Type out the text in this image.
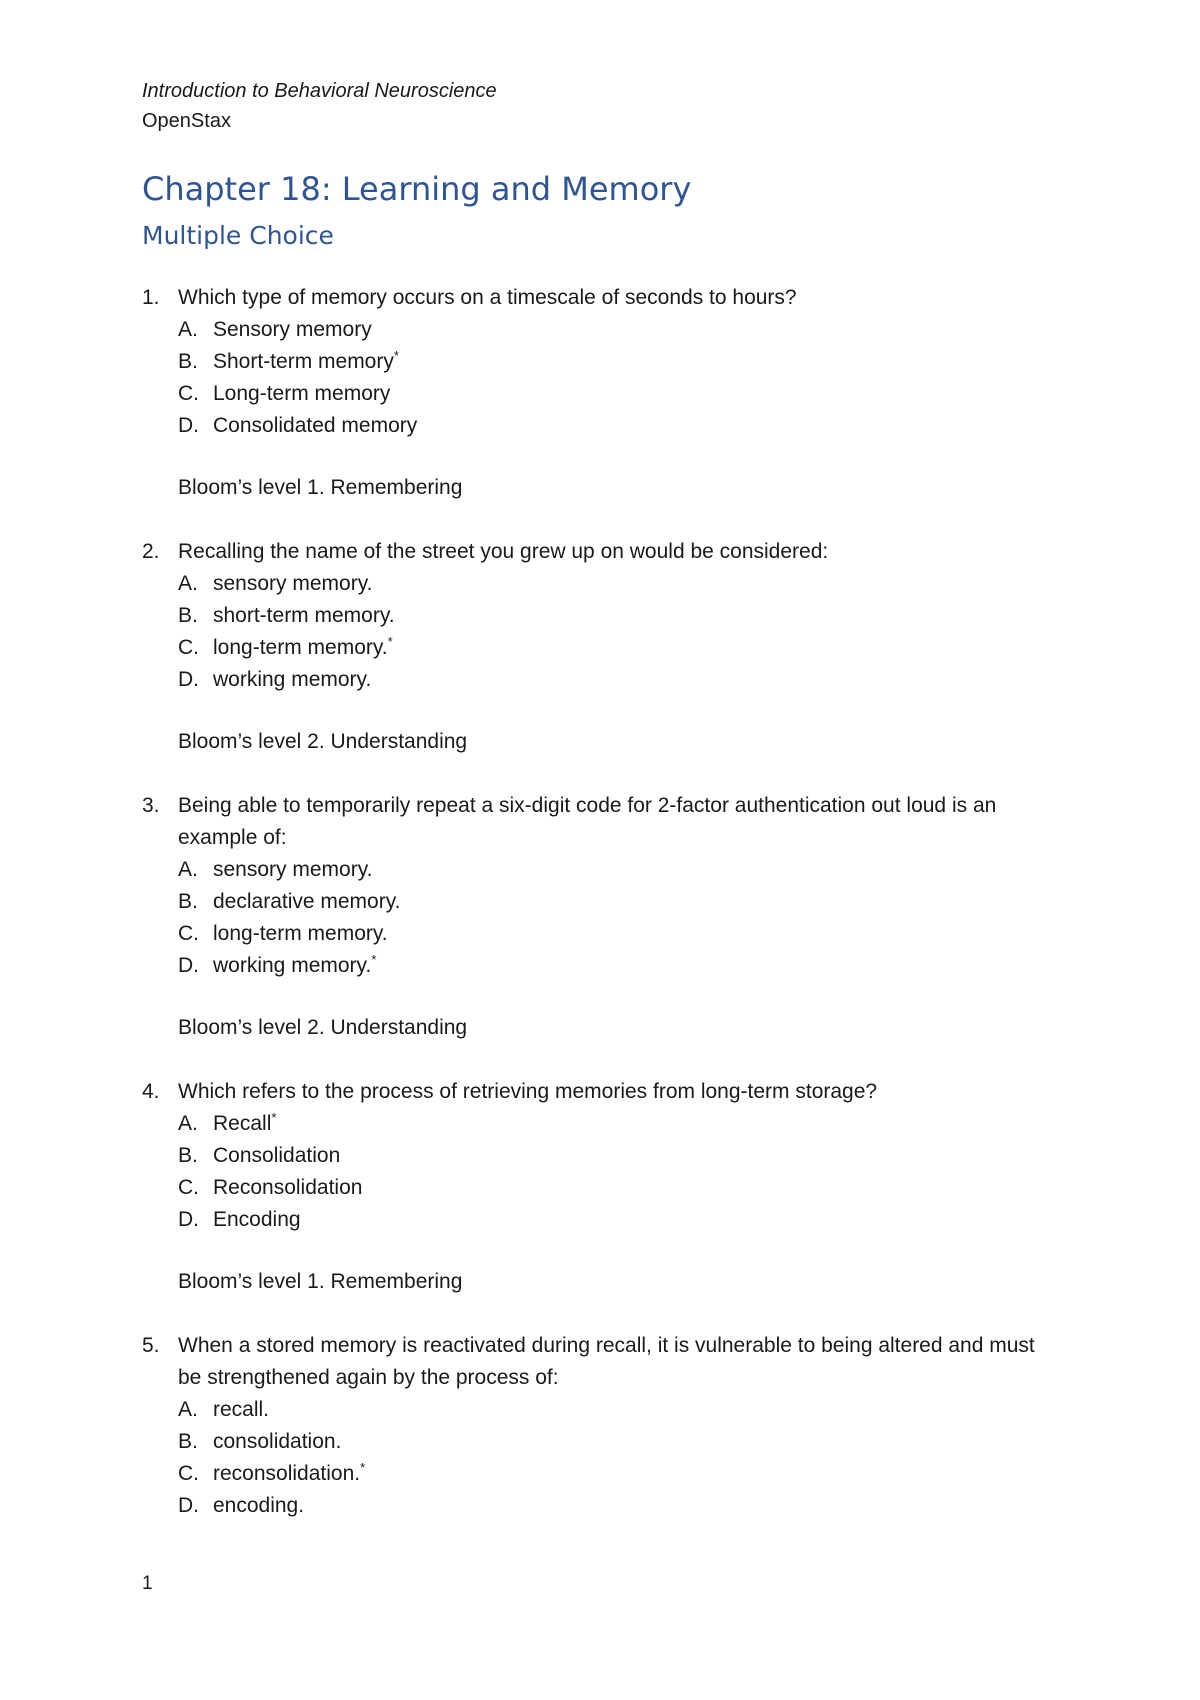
Introduction to Behavioral Neuroscience

OpenStax

Chapter 18: Learning and Memory
Multiple Choice
1. Which type of memory occurs on a timescale of seconds to hours?
A. Sensory memory
B. Short-term memory*
C. Long-term memory
D. Consolidated memory
Bloom’s level 1. Remembering
2. Recalling the name of the street you grew up on would be considered:
A. sensory memory.
B. short-term memory.
C. long-term memory.*
D. working memory.
Bloom’s level 2. Understanding
3. Being able to temporarily repeat a six-digit code for 2-factor authentication out loud is an example of:
A. sensory memory.
B. declarative memory.
C. long-term memory.
D. working memory.*
Bloom’s level 2. Understanding
4. Which refers to the process of retrieving memories from long-term storage?
A. Recall*
B. Consolidation
C. Reconsolidation
D. Encoding
Bloom’s level 1. Remembering
5. When a stored memory is reactivated during recall, it is vulnerable to being altered and must be strengthened again by the process of:
A. recall.
B. consolidation.
C. reconsolidation.*
D. encoding.
1
